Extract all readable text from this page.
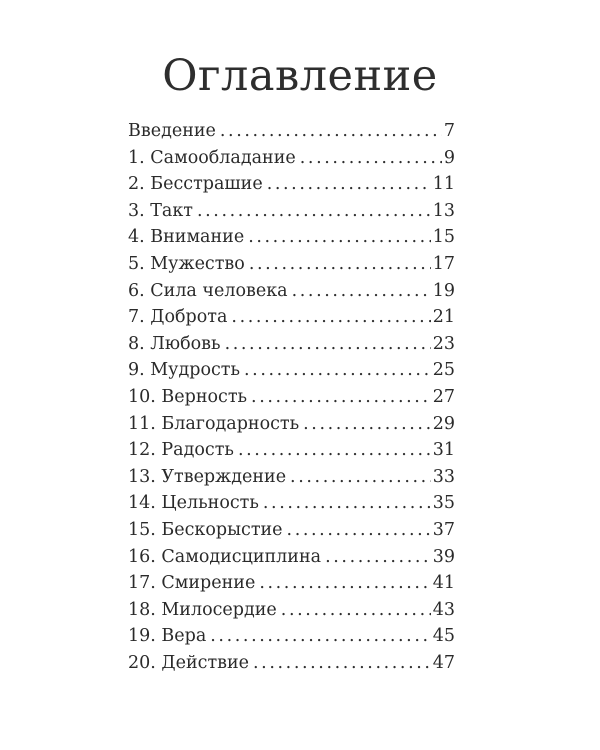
Оглавление
Введение .....	7
1. Самообладание .....	9
2. Бесстрашие .....	11
3. Такт .....	13
4. Внимание .....	15
5. Мужество .....	17
6. Сила человека .....	19
7. Доброта .....	21
8. Любовь .....	23
9. Мудрость .....	25
10. Верность .....	27
11. Благодарность .....	29
12. Радость .....	31
13. Утверждение .....	33
14. Цельность .....	35
15. Бескорыстие .....	37
16. Самодисциплина .....	39
17. Смирение .....	41
18. Милосердие .....	43
19. Вера .....	45
20. Действие .....	47
